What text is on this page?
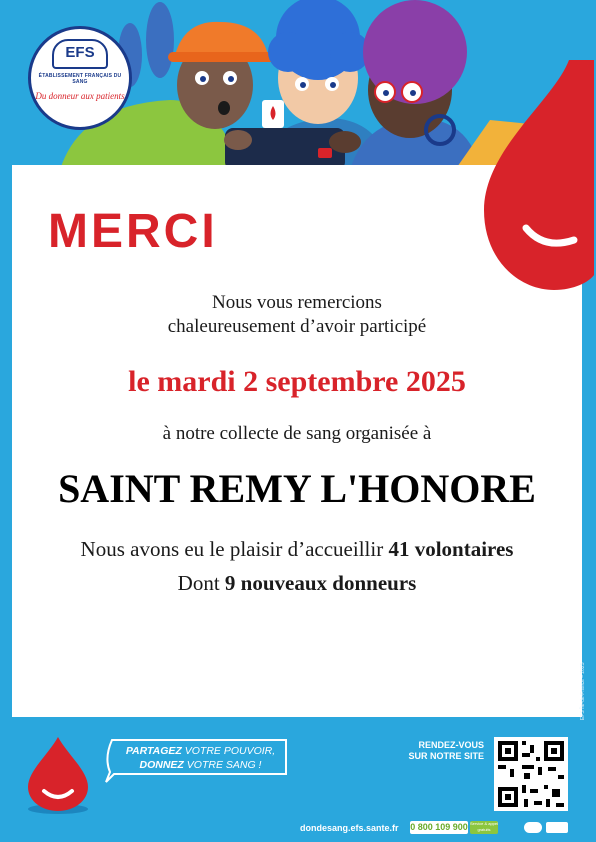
EFS
ÉTABLISSEMENT FRANÇAIS DU SANG
Du donneur aux patients
MERCI
Nous vous remercions
chaleureusement d’avoir participé
le mardi 2 septembre 2025
à notre collecte de sang organisée à
SAINT REMY L'HONORE
Nous avons eu le plaisir d’accueillir 41 volontaires
Dont 9 nouveaux donneurs
EFS Île-de-France – 2025
PARTAGEZ VOTRE POUVOIR,
DONNEZ VOTRE SANG !
RENDEZ-VOUS
SUR NOTRE SITE
dondesang.efs.sante.fr 0 800 109 900 Service & appel gratuits
